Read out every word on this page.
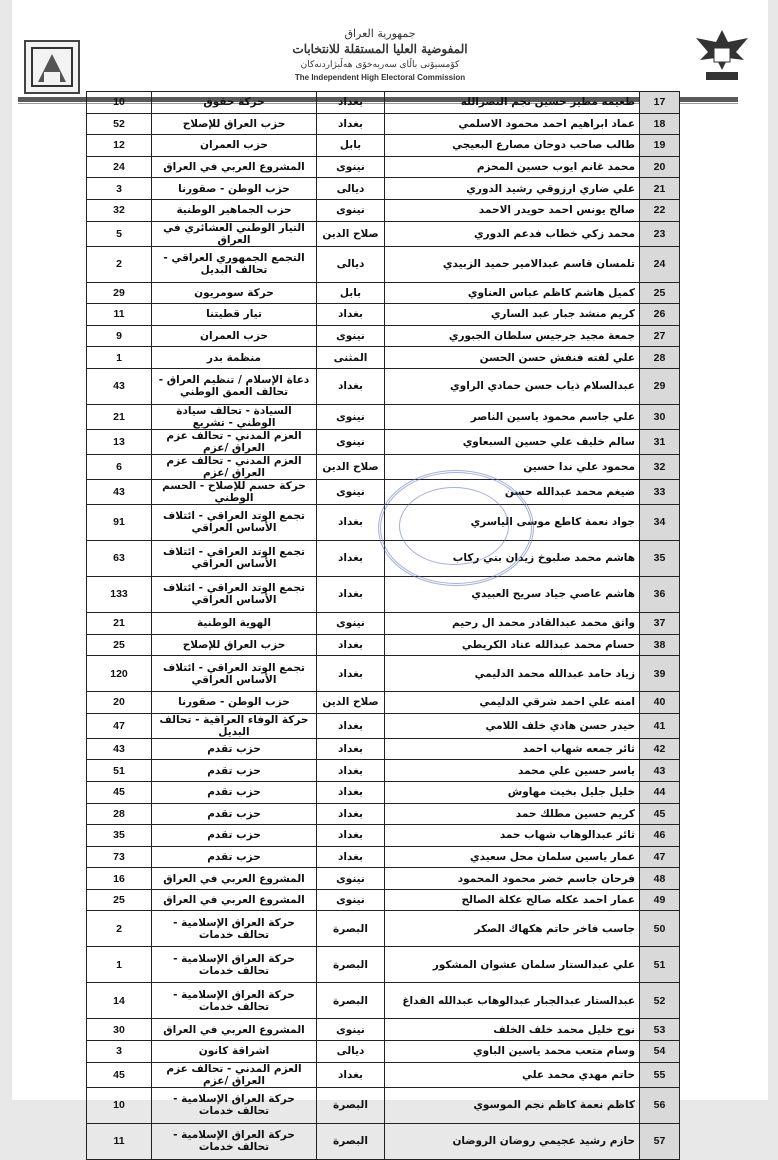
جمهورية العراق
المفوضية العليا المستقلة للانتخابات
كۆمسیۆنی باڵای سەربەخۆی هەڵبژاردنەکان
The Independent High Electoral Commission
10	حركة حقوق	بغداد	طعيمه مطير حسين نجم النصرالله	17
52	حزب العراق للإصلاح	بغداد	عماد ابراهيم احمد محمود الاسلمي	18
12	حزب العمران	بابل	طالب صاحب دوحان مصارع البعيجي	19
24	المشروع العربي في العراق	نينوى	محمد غانم ايوب حسين المحزم	20
3	حزب الوطن - صقورنا	ديالى	علي ضاري ارزوقي رشيد الدوري	21
32	حزب الجماهير الوطنية	نينوى	صالح يونس احمد حويدر الاحمد	22
5	التيار الوطني العشائري في العراق	صلاح الدين	محمد زكي خطاب فدعم الدوري	23
2	التجمع الجمهوري العراقي - تحالف البديل	ديالى	تلمسان قاسم عبدالامير حميد الزبيدي	24
29	حركة سومريون	بابل	كميل هاشم كاظم عباس العناوي	25
11	تيار قطيتنا	بغداد	كريم منشد جبار عبد الساري	26
9	حزب العمران	نينوى	جمعة مجيد جرجيس سلطان الجبوري	27
1	منظمة بدر	المثنى	علي لفته فنفش حسن الحسن	28
43	دعاة الإسلام / تنظيم العراق - تحالف العمق الوطني	بغداد	عبدالسلام ذياب حسن حمادي الراوي	29
21	السيادة - تحالف سيادة الوطني - تشريع	نينوى	علي جاسم محمود ياسين الناصر	30
13	العزم المدني - تحالف عزم العراق /عزم	نينوى	سالم خليف علي حسين السبعاوي	31
6	العزم المدني - تحالف عزم العراق /عزم	صلاح الدين	محمود علي ندا حسين	32
43	حركة حسم للإصلاح - الحسم الوطني	نينوى	ضيغم محمد عبدالله حسن	33
91	تجمع الوتد العراقي - ائتلاف الأساس العراقي	بغداد	جواد نعمة كاطع موسى الياسري	34
63	تجمع الوتد العراقي - ائتلاف الأساس العراقي	بغداد	هاشم محمد صلبوخ زيدان بني ركاب	35
133	تجمع الوتد العراقي - ائتلاف الأساس العراقي	بغداد	هاشم عاصي جياد سريح العبيدي	36
21	الهوية الوطنية	نينوى	واثق محمد عبدالقادر محمد ال رحيم	37
25	حزب العراق للإصلاح	بغداد	حسام محمد عبدالله عناد الكريطي	38
120	تجمع الوتد العراقي - ائتلاف الأساس العراقي	بغداد	زياد حامد عبدالله محمد الدليمي	39
20	حزب الوطن - صقورنا	صلاح الدين	امنه علي احمد شرقي الدليمي	40
47	حركة الوفاء العراقية - تحالف البديل	بغداد	حيدر حسن هادي خلف اللامي	41
43	حزب تقدم	بغداد	ثائر جمعه شهاب احمد	42
51	حزب تقدم	بغداد	ياسر حسين علي محمد	43
45	حزب تقدم	بغداد	خليل جليل بخيت مهاوش	44
28	حزب تقدم	بغداد	كريم حسين مطلك حمد	45
35	حزب تقدم	بغداد	ثائر عبدالوهاب شهاب حمد	46
73	حزب تقدم	بغداد	عمار ياسين سلمان محل سعيدي	47
16	المشروع العربي في العراق	نينوى	فرحان جاسم خضر محمود المحمود	48
25	المشروع العربي في العراق	نينوى	عمار احمد عكله صالح عكلة الصالح	49
2	حركة العراق الإسلامية - تحالف خدمات	البصرة	جاسب فاخر حاتم هكهاك الصكر	50
1	حركة العراق الإسلامية - تحالف خدمات	البصرة	علي عبدالستار سلمان عشوان المشكور	51
14	حركة العراق الإسلامية - تحالف خدمات	البصرة	عبدالستار عبدالجبار عبدالوهاب عبدالله الفداغ	52
30	المشروع العربي في العراق	نينوى	نوح خليل محمد خلف الخلف	53
3	اشراقة كانون	ديالى	وسام متعب محمد ياسين الباوي	54
45	العزم المدني - تحالف عزم العراق /عزم	بغداد	حاتم مهدي محمد علي	55
10	حركة العراق الإسلامية - تحالف خدمات	البصرة	كاظم نعمة كاظم نجم الموسوي	56
11	حركة العراق الإسلامية - تحالف خدمات	البصرة	حازم رشيد عجيمي روضان الروضان	57
